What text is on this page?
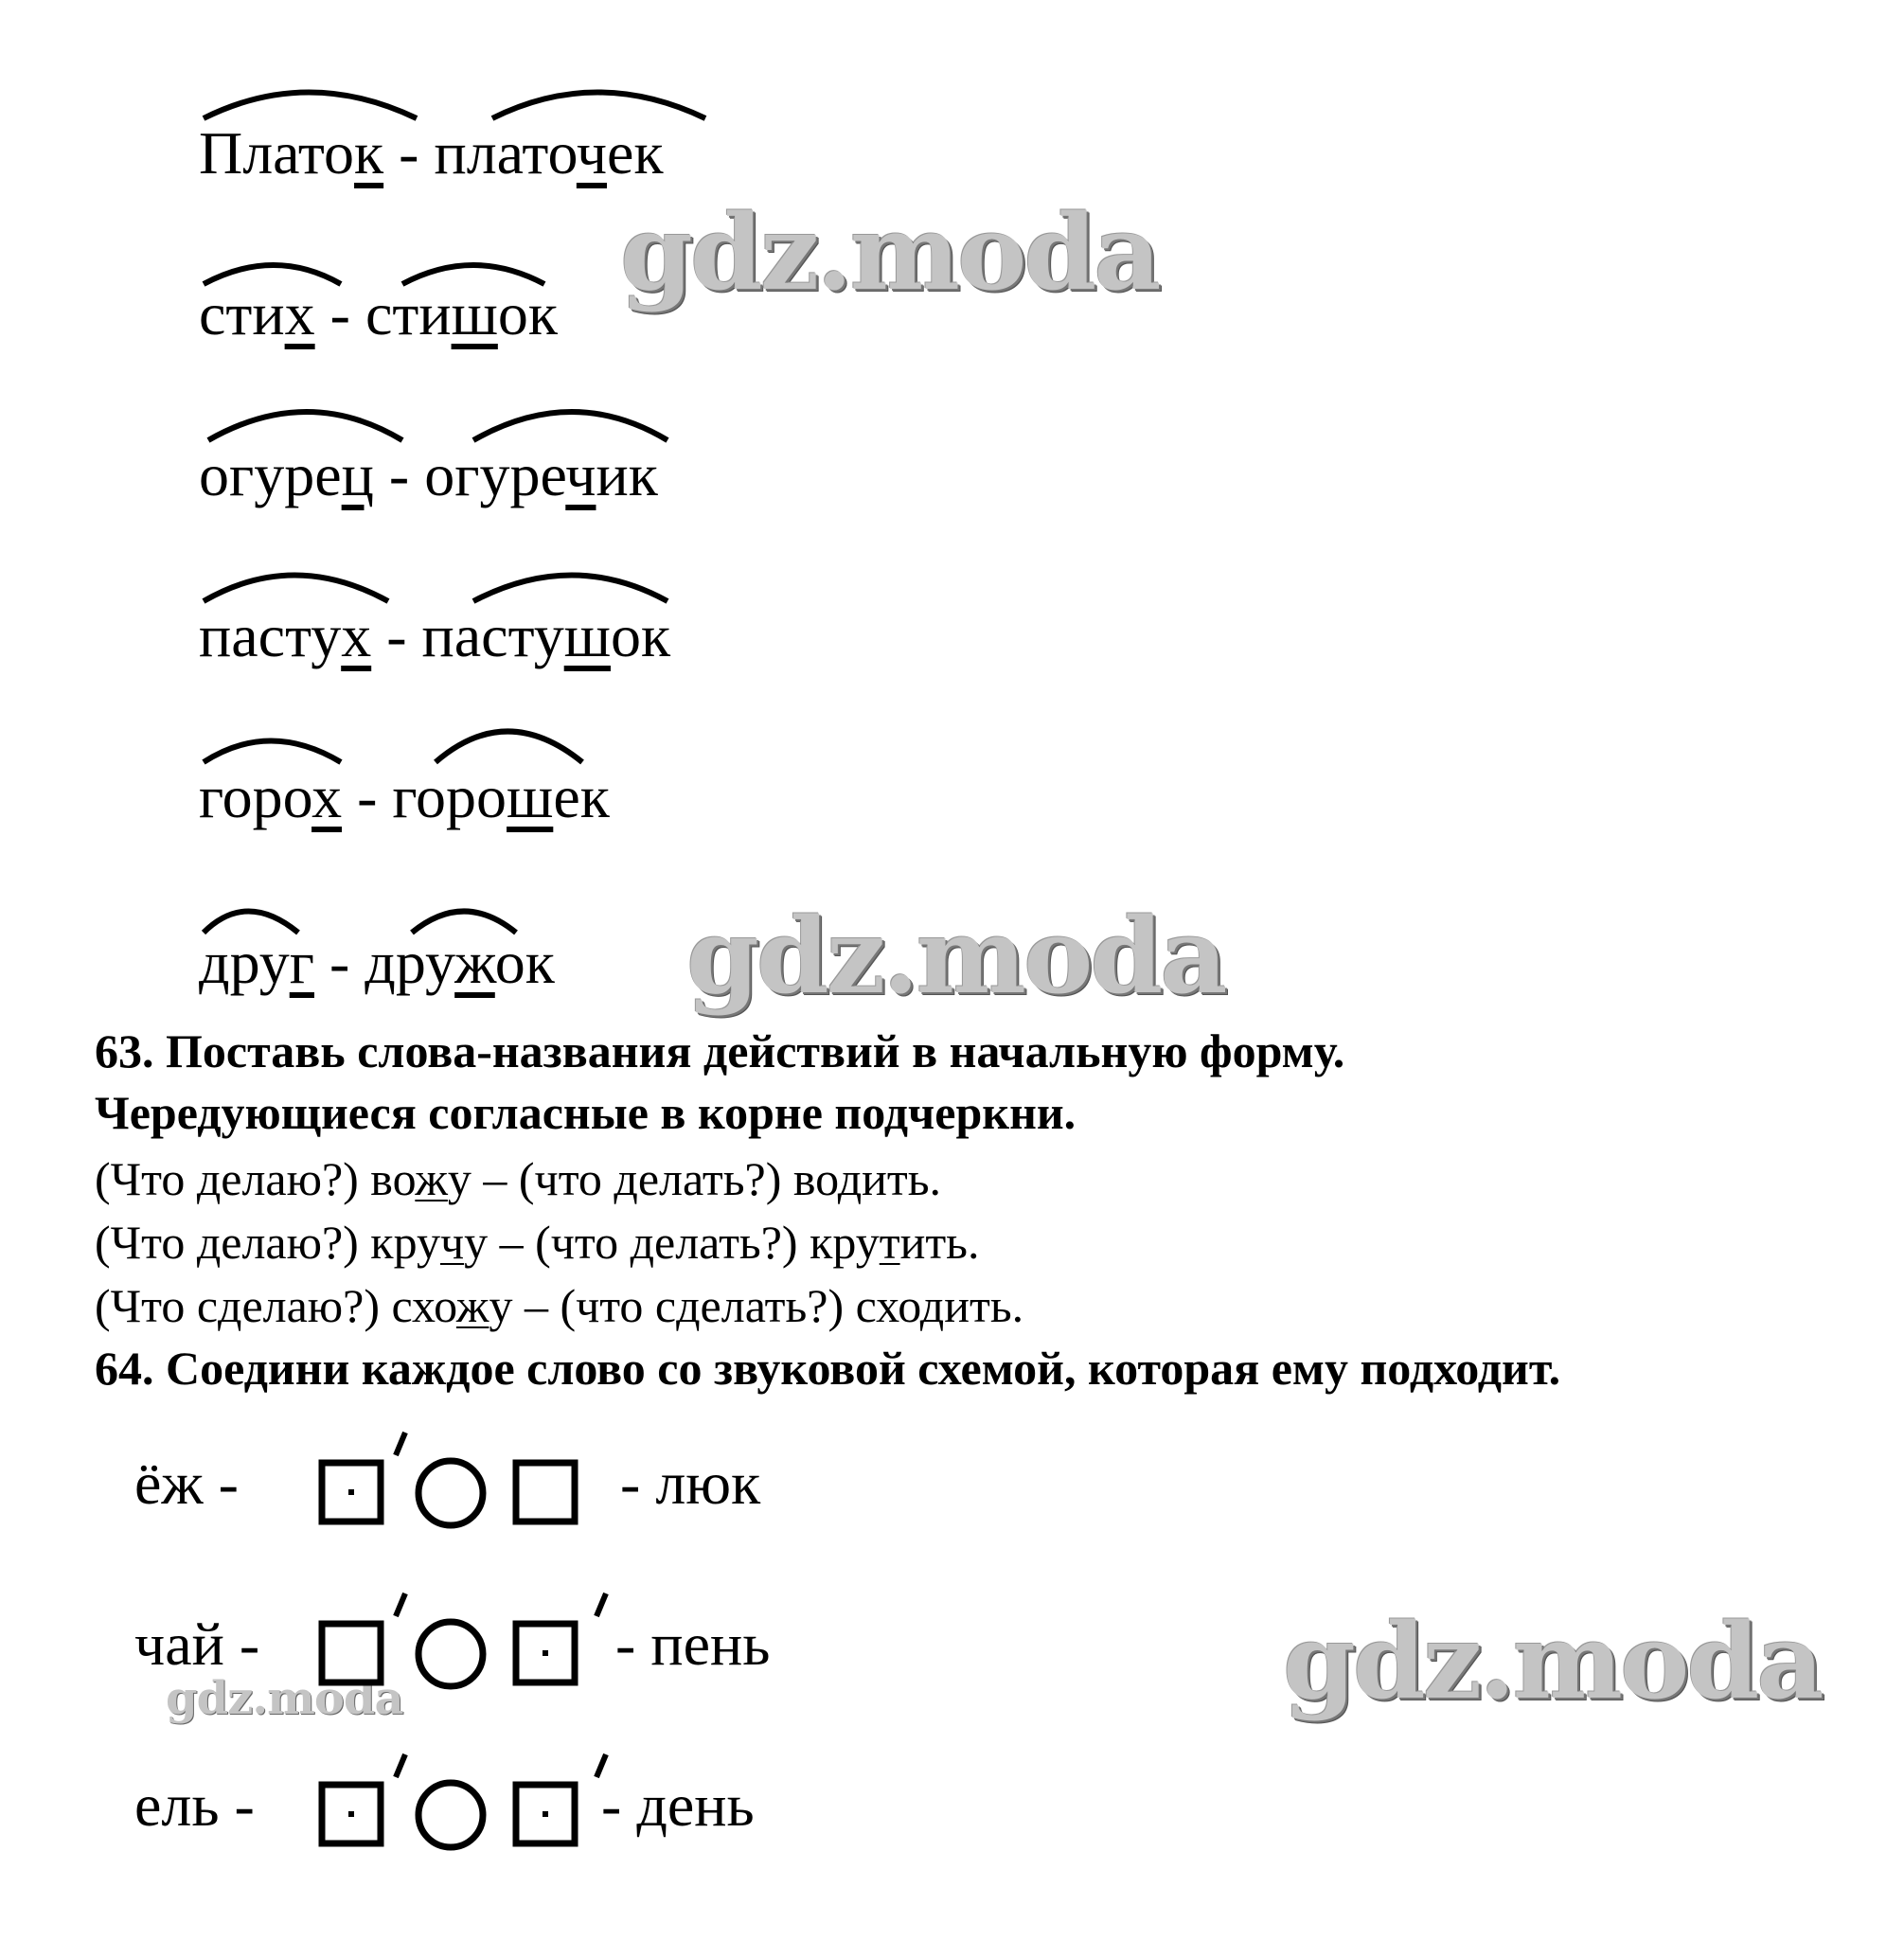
gdz.moda
gdz.moda
gdz.moda
gdz.moda
Платок - платочек
стих - стишок
огурец - огуречик
пастух - пастушок
горох - горошек
друг - дружок
63. Поставь слова-названия действий в начальную форму.
Чередующиеся согласные в корне подчеркни.
(Что делаю?) вожу – (что делать?) водить.
(Что делаю?) кручу – (что делать?) крутить.
(Что сделаю?) схожу – (что сделать?) сходить.
64. Соедини каждое слово со звуковой схемой, которая ему подходит.
ёж -	- люк
чай -	- пень
ель -	- день
